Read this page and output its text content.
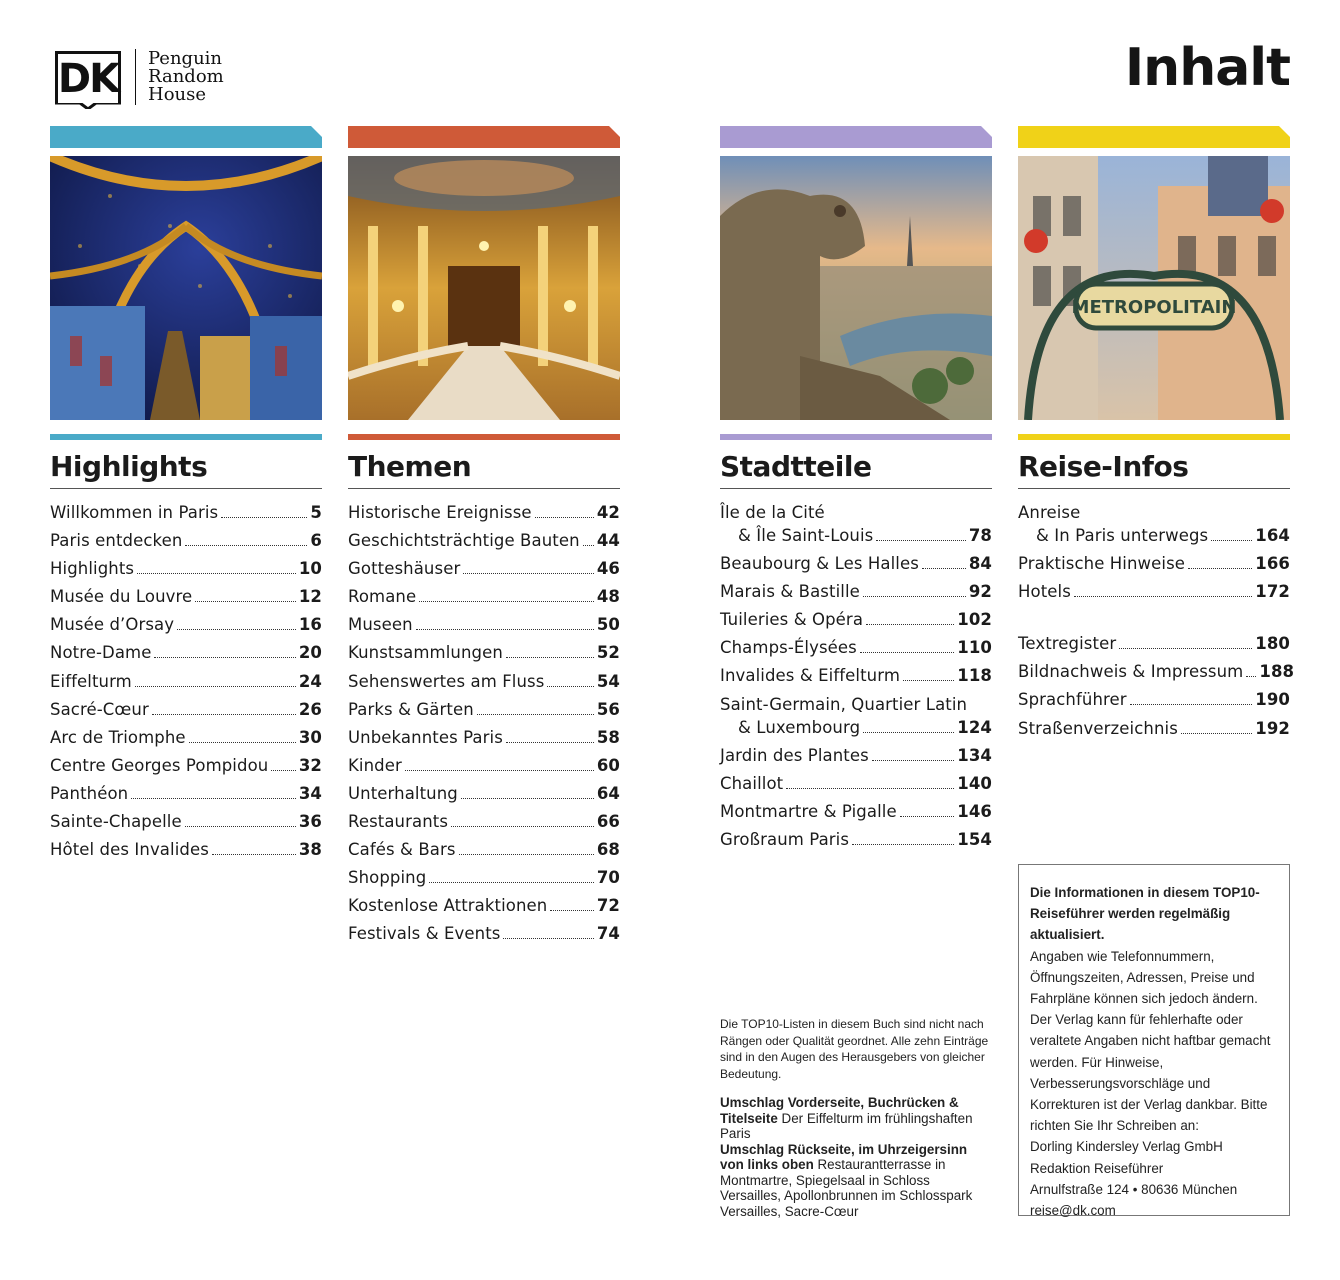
DK Penguin
Random
House	Inhalt
Highlights
Willkommen in Paris	5
Paris entdecken	6
Highlights	10
Musée du Louvre	12
Musée d’Orsay	16
Notre-Dame	20
Eiffelturm	24
Sacré-Cœur	26
Arc de Triomphe	30
Centre Georges Pompidou 32
Panthéon	34
Sainte-Chapelle	36
Hôtel des Invalides	38
Themen
Historische Ereignisse	42
Geschichtsträchtige Bauten 44
Gotteshäuser	46
Romane	48
Museen	50
Kunstsammlungen	52
Sehenswertes am Fluss	54
Parks & Gärten	56
Unbekanntes Paris	58
Kinder	60
Unterhaltung	64
Restaurants	66
Cafés & Bars	68
Shopping	70
Kostenlose Attraktionen	72
Festivals & Events	74
Stadtteile
Île de la Cité
& Île Saint-Louis	78
Beaubourg & Les Halles	84
Marais & Bastille	92
Tuileries & Opéra	102
Champs-Élysées	110
Invalides & Eiffelturm	118
Saint-Germain, Quartier Latin
& Luxembourg	124
Jardin des Plantes	134
Chaillot	140
Montmartre & Pigalle	146
Großraum Paris	154
METROPOLITAIN
Reise-Infos
Anreise
& In Paris unterwegs	164
Praktische Hinweise	166
Hotels	172
Textregister	180
Bildnachweis & Impressum 188
Sprachführer	190
Straßenverzeichnis	192
Die TOP10-Listen in diesem Buch sind nicht nach Rängen oder Qualität geordnet. Alle zehn Einträge sind in den Augen des Herausgebers von gleicher Bedeutung.
Umschlag Vorderseite, Buchrücken & Titelseite Der Eiffelturm im frühlingshaften Paris
Umschlag Rückseite, im Uhrzeigersinn von links oben Restaurantterrasse in Montmartre, Spiegelsaal in Schloss Versailles, Apollonbrunnen im Schlosspark Versailles, Sacre-Cœur
Die Informationen in diesem TOP10-Reiseführer werden regelmäßig aktualisiert.
Angaben wie Telefonnummern, Öffnungszeiten, Adressen, Preise und Fahrpläne können sich jedoch ändern. Der Verlag kann für fehlerhafte oder veraltete Angaben nicht haftbar gemacht werden. Für Hinweise, Verbesserungsvorschläge und Korrekturen ist der Verlag dankbar. Bitte richten Sie Ihr Schreiben an:
Dorling Kindersley Verlag GmbH
Redaktion Reiseführer
Arnulfstraße 124 • 80636 München
reise@dk.com
